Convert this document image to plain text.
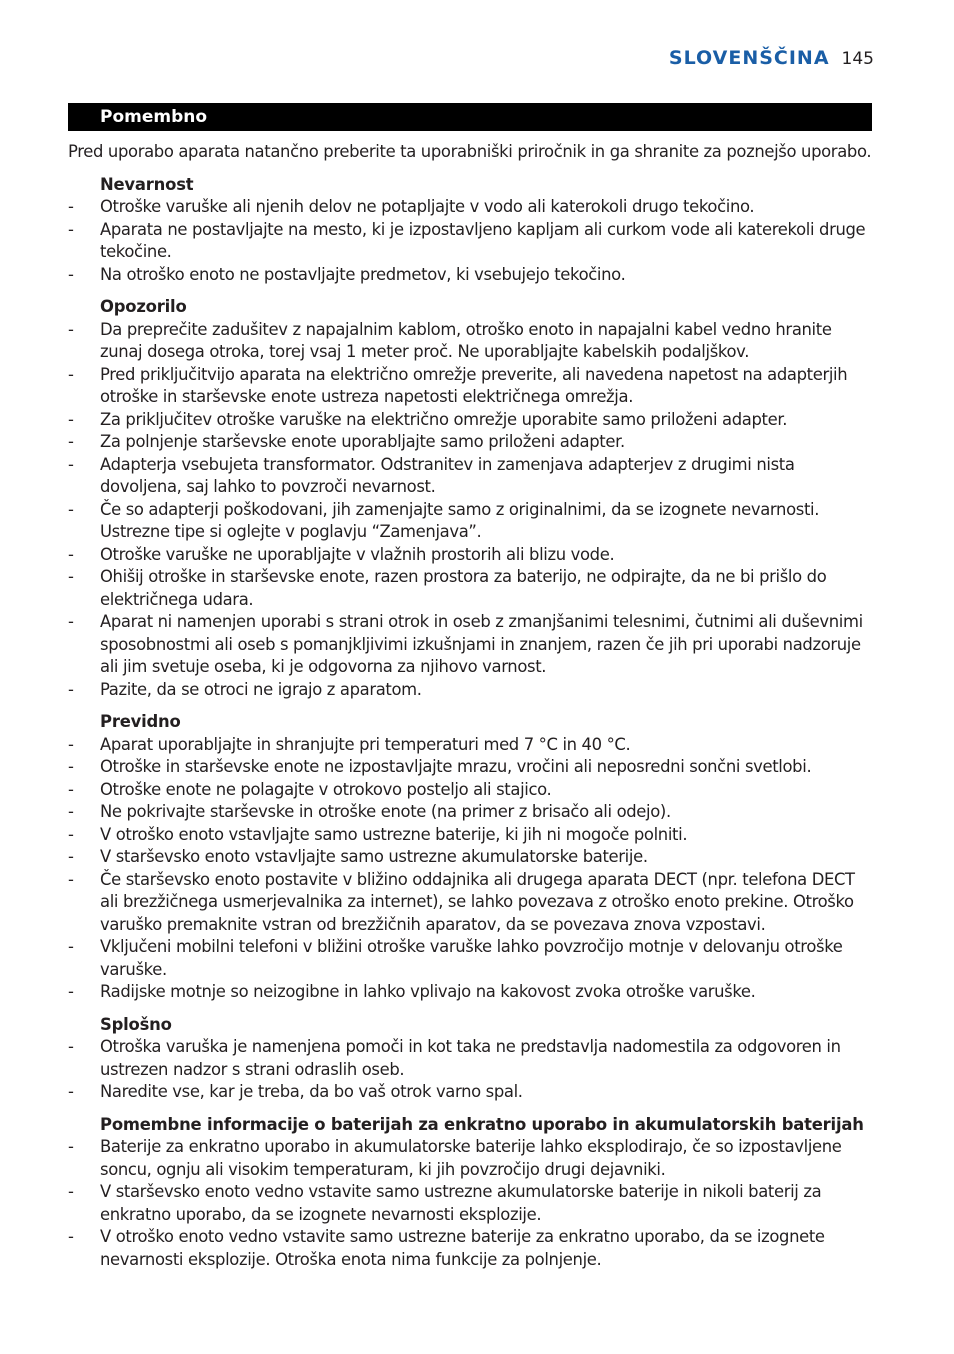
SLOVENŠČINA 145
Pomembno

Pred uporabo aparata natančno preberite ta uporabniški priročnik in ga shranite za poznejšo uporabo.

Nevarnost
- Otroške varuške ali njenih delov ne potapljajte v vodo ali katerokoli drugo tekočino.
- Aparata ne postavljajte na mesto, ki je izpostavljeno kapljam ali curkom vode ali katerekoli druge tekočine.
- Na otroško enoto ne postavljajte predmetov, ki vsebujejo tekočino.
Opozorilo
- Da preprečite zadušitev z napajalnim kablom, otroško enoto in napajalni kabel vedno hranite zunaj dosega otroka, torej vsaj 1 meter proč. Ne uporabljajte kabelskih podaljškov.
- Pred priključitvijo aparata na električno omrežje preverite, ali navedena napetost na adapterjih otroške in starševske enote ustreza napetosti električnega omrežja.
- Za priključitev otroške varuške na električno omrežje uporabite samo priloženi adapter.
- Za polnjenje starševske enote uporabljajte samo priloženi adapter.
- Adapterja vsebujeta transformator. Odstranitev in zamenjava adapterjev z drugimi nista dovoljena, saj lahko to povzroči nevarnost.
- Če so adapterji poškodovani, jih zamenjajte samo z originalnimi, da se izognete nevarnosti. Ustrezne tipe si oglejte v poglavju “Zamenjava”.
- Otroške varuške ne uporabljajte v vlažnih prostorih ali blizu vode.
- Ohišij otroške in starševske enote, razen prostora za baterijo, ne odpirajte, da ne bi prišlo do električnega udara.
- Aparat ni namenjen uporabi s strani otrok in oseb z zmanjšanimi telesnimi, čutnimi ali duševnimi sposobnostmi ali oseb s pomanjkljivimi izkušnjami in znanjem, razen če jih pri uporabi nadzoruje ali jim svetuje oseba, ki je odgovorna za njihovo varnost.
- Pazite, da se otroci ne igrajo z aparatom.
Previdno
- Aparat uporabljajte in shranjujte pri temperaturi med 7 °C in 40 °C.
- Otroške in starševske enote ne izpostavljajte mrazu, vročini ali neposredni sončni svetlobi.
- Otroške enote ne polagajte v otrokovo posteljo ali stajico.
- Ne pokrivajte starševske in otroške enote (na primer z brisačo ali odejo).
- V otroško enoto vstavljajte samo ustrezne baterije, ki jih ni mogoče polniti.
- V starševsko enoto vstavljajte samo ustrezne akumulatorske baterije.
- Če starševsko enoto postavite v bližino oddajnika ali drugega aparata DECT (npr. telefona DECT ali brezžičnega usmerjevalnika za internet), se lahko povezava z otroško enoto prekine. Otroško varuško premaknite vstran od brezžičnih aparatov, da se povezava znova vzpostavi.
- Vključeni mobilni telefoni v bližini otroške varuške lahko povzročijo motnje v delovanju otroške varuške.
- Radijske motnje so neizogibne in lahko vplivajo na kakovost zvoka otroške varuške.
Splošno
- Otroška varuška je namenjena pomoči in kot taka ne predstavlja nadomestila za odgovoren in ustrezen nadzor s strani odraslih oseb.
- Naredite vse, kar je treba, da bo vaš otrok varno spal.
Pomembne informacije o baterijah za enkratno uporabo in akumulatorskih baterijah
- Baterije za enkratno uporabo in akumulatorske baterije lahko eksplodirajo, če so izpostavljene soncu, ognju ali visokim temperaturam, ki jih povzročijo drugi dejavniki.
- V starševsko enoto vedno vstavite samo ustrezne akumulatorske baterije in nikoli baterij za enkratno uporabo, da se izognete nevarnosti eksplozije.
- V otroško enoto vedno vstavite samo ustrezne baterije za enkratno uporabo, da se izognete nevarnosti eksplozije. Otroška enota nima funkcije za polnjenje.
